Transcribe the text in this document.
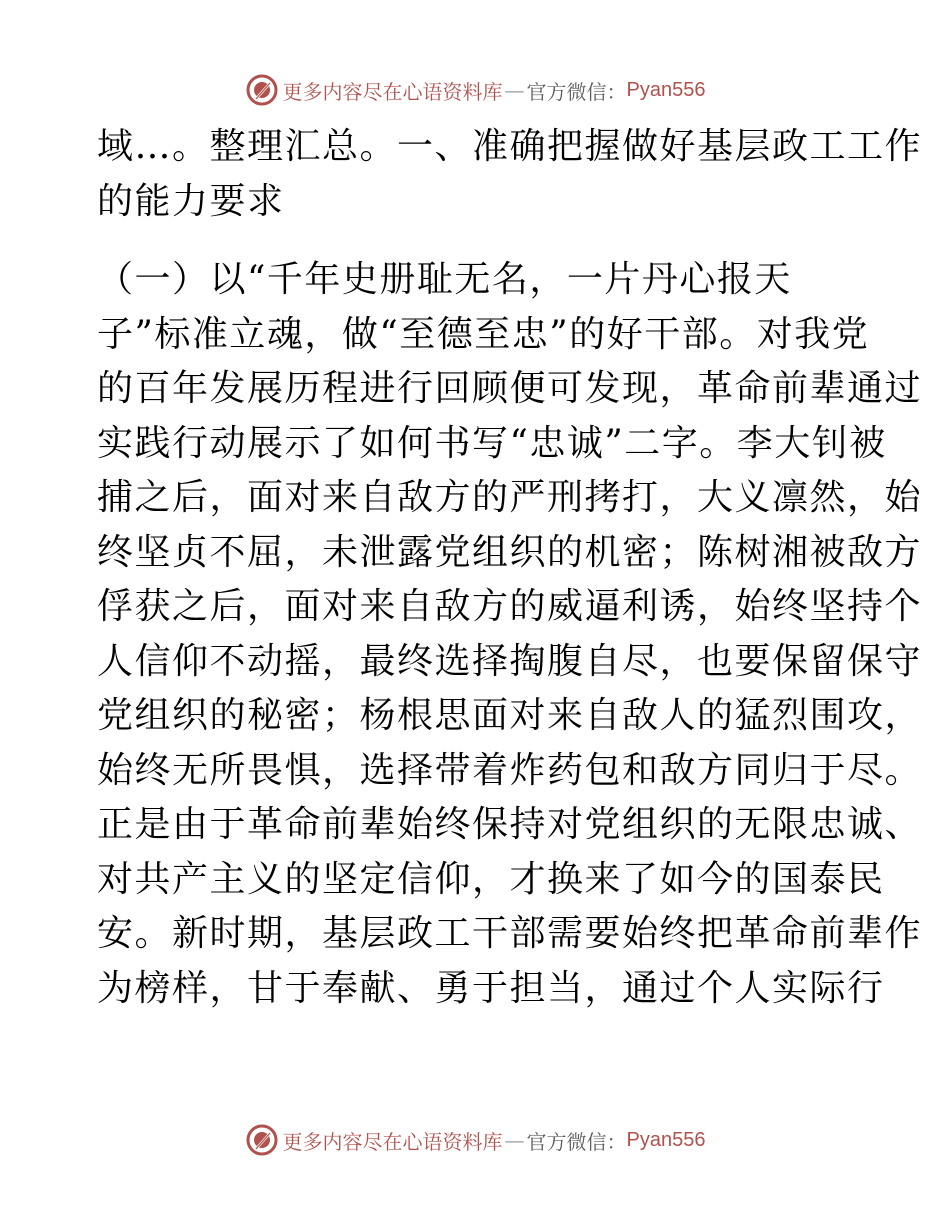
更多内容尽在心语资料库 — 官方微信： Pyan556
域…。整理汇总。一、准确把握做好基层政工工作
的能力要求
（一）以“千年史册耻无名，一片丹心报天
子”标准立魂，做“至德至忠”的好干部。对我党
的百年发展历程进行回顾便可发现，革命前辈通过
实践行动展示了如何书写“忠诚”二字。李大钊被
捕之后，面对来自敌方的严刑拷打，大义凛然，始
终坚贞不屈，未泄露党组织的机密；陈树湘被敌方
俘获之后，面对来自敌方的威逼利诱，始终坚持个
人信仰不动摇，最终选择掏腹自尽，也要保留保守
党组织的秘密；杨根思面对来自敌人的猛烈围攻，
始终无所畏惧，选择带着炸药包和敌方同归于尽。
正是由于革命前辈始终保持对党组织的无限忠诚、
对共产主义的坚定信仰，才换来了如今的国泰民
安。新时期，基层政工干部需要始终把革命前辈作
为榜样，甘于奉献、勇于担当，通过个人实际行
更多内容尽在心语资料库 — 官方微信： Pyan556
